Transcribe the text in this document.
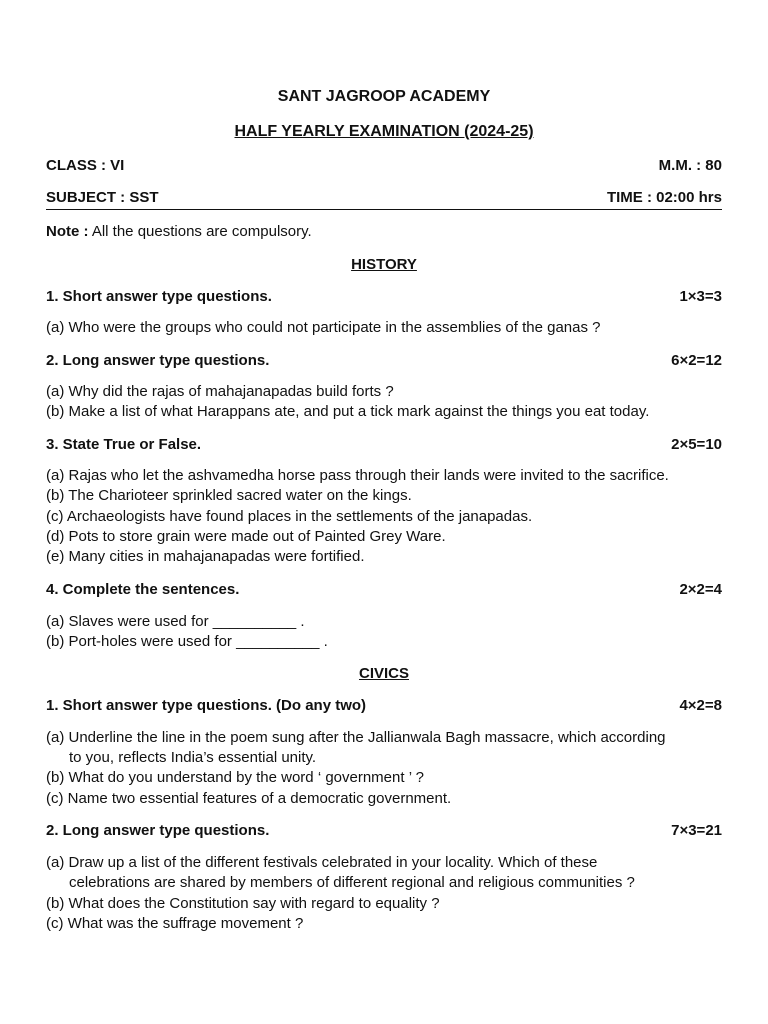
SANT JAGROOP ACADEMY
HALF YEARLY EXAMINATION (2024-25)
CLASS : VI	M.M. : 80
SUBJECT : SST	TIME : 02:00 hrs
Note : All the questions are compulsory.
HISTORY
1. Short answer type questions.	1×3=3
(a) Who were the groups who could not participate in the assemblies of the ganas ?
2. Long answer type questions.	6×2=12
(a) Why did the rajas of mahajanapadas build forts ?
(b) Make a list of what Harappans ate, and put a tick mark against the things you eat today.
3. State True or False.	2×5=10
(a) Rajas who let the ashvamedha horse pass through their lands were invited to the sacrifice.
(b) The Charioteer sprinkled sacred water on the kings.
(c) Archaeologists have found places in the settlements of the janapadas.
(d) Pots to store grain were made out of Painted Grey Ware.
(e) Many cities in mahajanapadas were fortified.
4. Complete the sentences.	2×2=4
(a) Slaves were used for __________ .
(b) Port-holes were used for __________ .
CIVICS
1. Short answer type questions. (Do any two)	4×2=8
(a) Underline the line in the poem sung after the Jallianwala Bagh massacre, which according
to you, reflects India’s essential unity.
(b) What do you understand by the word ‘ government ’ ?
(c) Name two essential features of a democratic government.
2. Long answer type questions.	7×3=21
(a) Draw up a list of the different festivals celebrated in your locality. Which of these
celebrations are shared by members of different regional and religious communities ?
(b) What does the Constitution say with regard to equality ?
(c) What was the suffrage movement ?
